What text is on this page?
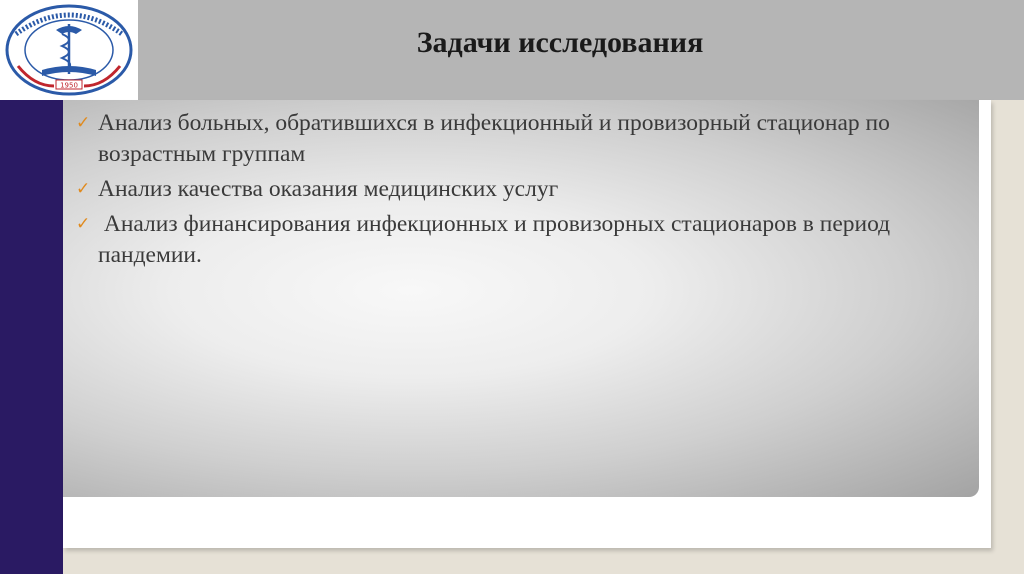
1950
Задачи исследования
✓ Анализ больных, обратившихся в инфекционный и провизорный стационар по возрастным группам
✓ Анализ качества оказания медицинских услуг
✓ Анализ финансирования инфекционных и провизорных стационаров в период пандемии.
